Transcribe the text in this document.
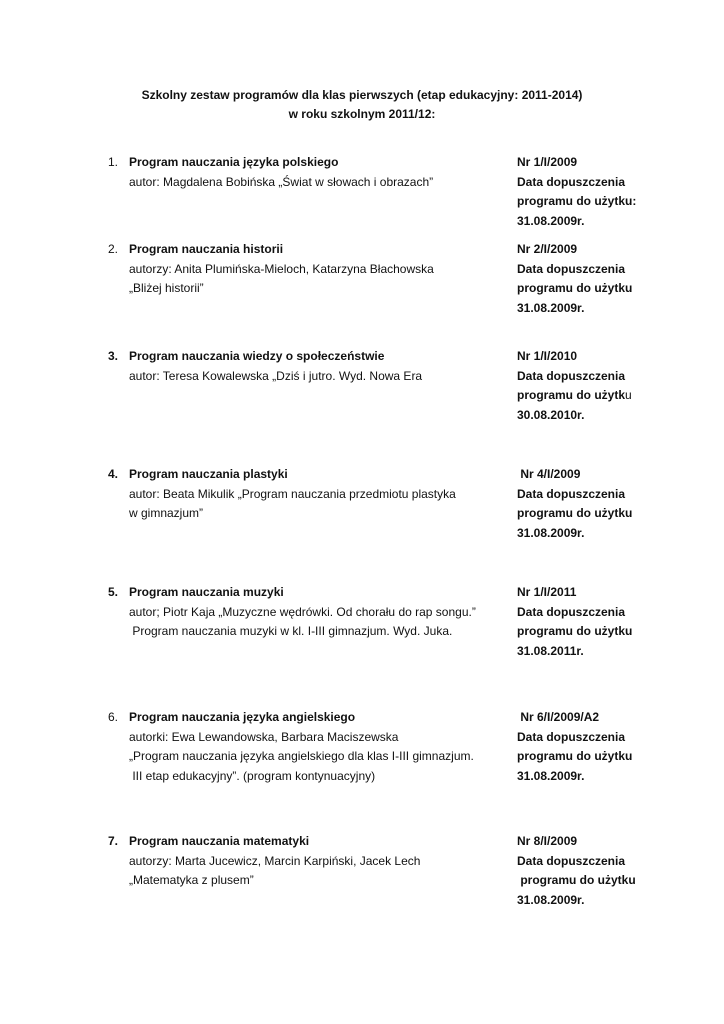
Szkolny zestaw programów dla klas pierwszych (etap edukacyjny: 2011-2014)
w roku szkolnym 2011/12:
1. Program nauczania języka polskiego
autor: Magdalena Bobińska „Świat w słowach i obrazach”
Nr 1/I/2009
Data dopuszczenia
programu do użytku:
31.08.2009r.
2. Program nauczania historii
autorzy: Anita Plumińska-Mieloch, Katarzyna Błachowska
„Bliżej historii”
Nr 2/I/2009
Data dopuszczenia
programu do użytku
31.08.2009r.
3. Program nauczania wiedzy o społeczeństwie
autor: Teresa Kowalewska „Dziś i jutro. Wyd. Nowa Era
Nr 1/I/2010
Data dopuszczenia
programu do użytku
30.08.2010r.
4. Program nauczania plastyki
autor: Beata Mikulik „Program nauczania przedmiotu plastyka
w gimnazjum”
Nr 4/I/2009
Data dopuszczenia
programu do użytku
31.08.2009r.
5. Program nauczania muzyki
autor; Piotr Kaja „Muzyczne wędrówki. Od chorału do rap songu.”
Program nauczania muzyki w kl. I-III gimnazjum. Wyd. Juka.
Nr 1/I/2011
Data dopuszczenia
programu do użytku
31.08.2011r.
6. Program nauczania języka angielskiego
autorki: Ewa Lewandowska, Barbara Maciszewska
„Program nauczania języka angielskiego dla klas I-III gimnazjum.
III etap edukacyjny”. (program kontynuacyjny)
Nr 6/I/2009/A2
Data dopuszczenia
programu do użytku
31.08.2009r.
7. Program nauczania matematyki
autorzy: Marta Jucewicz, Marcin Karpiński, Jacek Lech
„Matematyka z plusem”
Nr 8/I/2009
Data dopuszczenia
programu do użytku
31.08.2009r.
